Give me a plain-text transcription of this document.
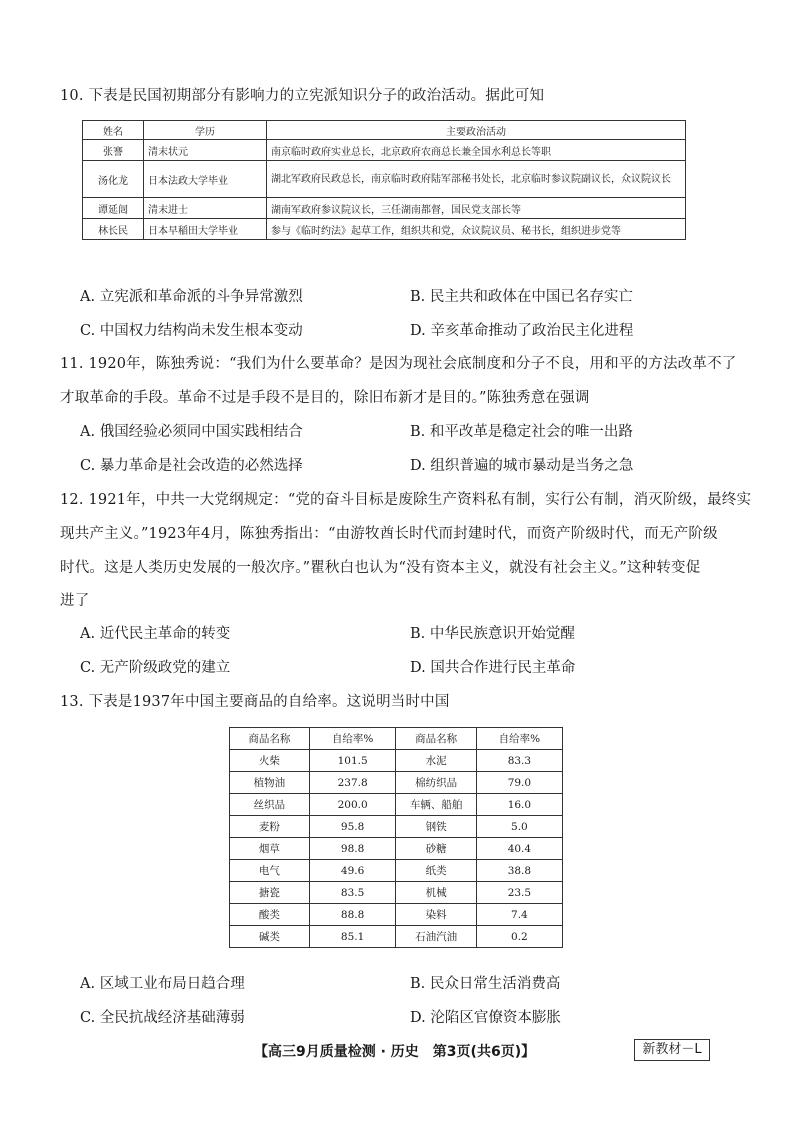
10. 下表是民国初期部分有影响力的立宪派知识分子的政治活动。据此可知
姓名	学历	主要政治活动
张謇	清末状元	南京临时政府实业总长，北京政府农商总长兼全国水利总长等职
汤化龙	日本法政大学毕业	湖北军政府民政总长，南京临时政府陆军部秘书处长，北京临时参议院副议长，众议院议长
谭延闿	清末进士	湖南军政府参议院议长，三任湖南都督，国民党支部长等
林长民	日本早稲田大学毕业	参与《临时约法》起草工作，组织共和党，众议院议员、秘书长，组织进步党等
A. 立宪派和革命派的斗争异常激烈	B. 民主共和政体在中国已名存实亡
C. 中国权力结构尚未发生根本变动	D. 辛亥革命推动了政治民主化进程
11. 1920年，陈独秀说：“我们为什么要革命？是因为现社会底制度和分子不良，用和平的方法改革不了
才取革命的手段。革命不过是手段不是目的，除旧布新才是目的。”陈独秀意在强调
A. 俄国经验必须同中国实践相结合	B. 和平改革是稳定社会的唯一出路
C. 暴力革命是社会改造的必然选择	D. 组织普遍的城市暴动是当务之急
12. 1921年，中共一大党纲规定：“党的奋斗目标是废除生产资料私有制，实行公有制，消灭阶级，最终实
现共产主义。”1923年4月，陈独秀指出：“由游牧酋长时代而封建时代，而资产阶级时代，而无产阶级
时代。这是人类历史发展的一般次序。”瞿秋白也认为“没有资本主义，就没有社会主义。”这种转变促
进了
A. 近代民主革命的转变	B. 中华民族意识开始觉醒
C. 无产阶级政党的建立	D. 国共合作进行民主革命
13. 下表是1937年中国主要商品的自给率。这说明当时中国
商品名称	自给率%	商品名称	自给率%
火柴	101.5	水泥	83.3
植物油	237.8	棉纺织品	79.0
丝织品	200.0	车辆、船舶	16.0
麦粉	95.8	钢铁	5.0
烟草	98.8	砂糖	40.4
电气	49.6	纸类	38.8
搪瓷	83.5	机械	23.5
酸类	88.8	染料	7.4
碱类	85.1	石油汽油	0.2
A. 区域工业布局日趋合理	B. 民众日常生活消费高
C. 全民抗战经济基础薄弱	D. 沦陷区官僚资本膨胀
【高三9月质量检测 · 历史　第3页(共6页)】	新教材－L
